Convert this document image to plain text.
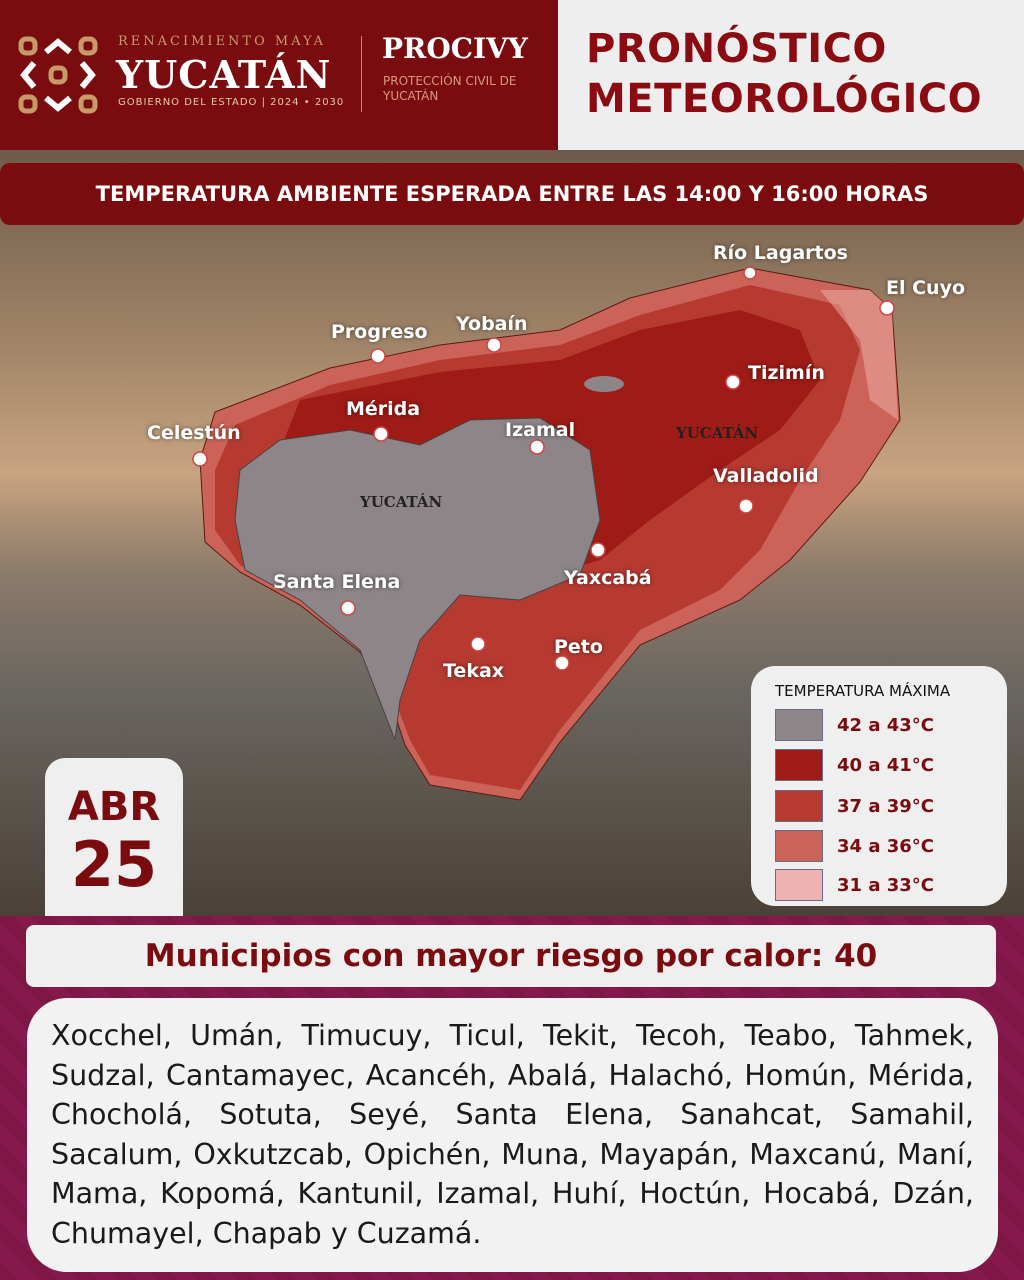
RENACIMIENTO MAYA
YUCATÁN
GOBIERNO DEL ESTADO | 2024 • 2030
PROCIVY
PROTECCIÓN CIVIL DE YUCATÁN
PRONÓSTICO METEOROLÓGICO
TEMPERATURA AMBIENTE ESPERADA ENTRE LAS 14:00 Y 16:00 HORAS
YUCATÁN
YUCATÁN
Río Lagartos
El Cuyo
Progreso Yobaín
Tizimín
Mérida
Celestún	Izamal
Valladolid
Yaxcabá
Santa Elena
Peto
Tekax
TEMPERATURA MÁXIMA
42 a 43°C
40 a 41°C
37 a 39°C
34 a 36°C
31 a 33°C
ABR
25
Municipios con mayor riesgo por calor: 40
Xocchel, Umán, Timucuy, Ticul, Tekit, Tecoh, Teabo, Tahmek, Sudzal, Cantamayec, Acancéh, Abalá, Halachó, Homún, Mérida, Chocholá, Sotuta, Seyé, Santa Elena, Sanahcat, Samahil, Sacalum, Oxkutzcab, Opichén, Muna, Mayapán, Maxcanú, Maní, Mama, Kopomá, Kantunil, Izamal, Huhí, Hoctún, Hocabá, Dzán, Chumayel, Chapab y Cuzamá.
